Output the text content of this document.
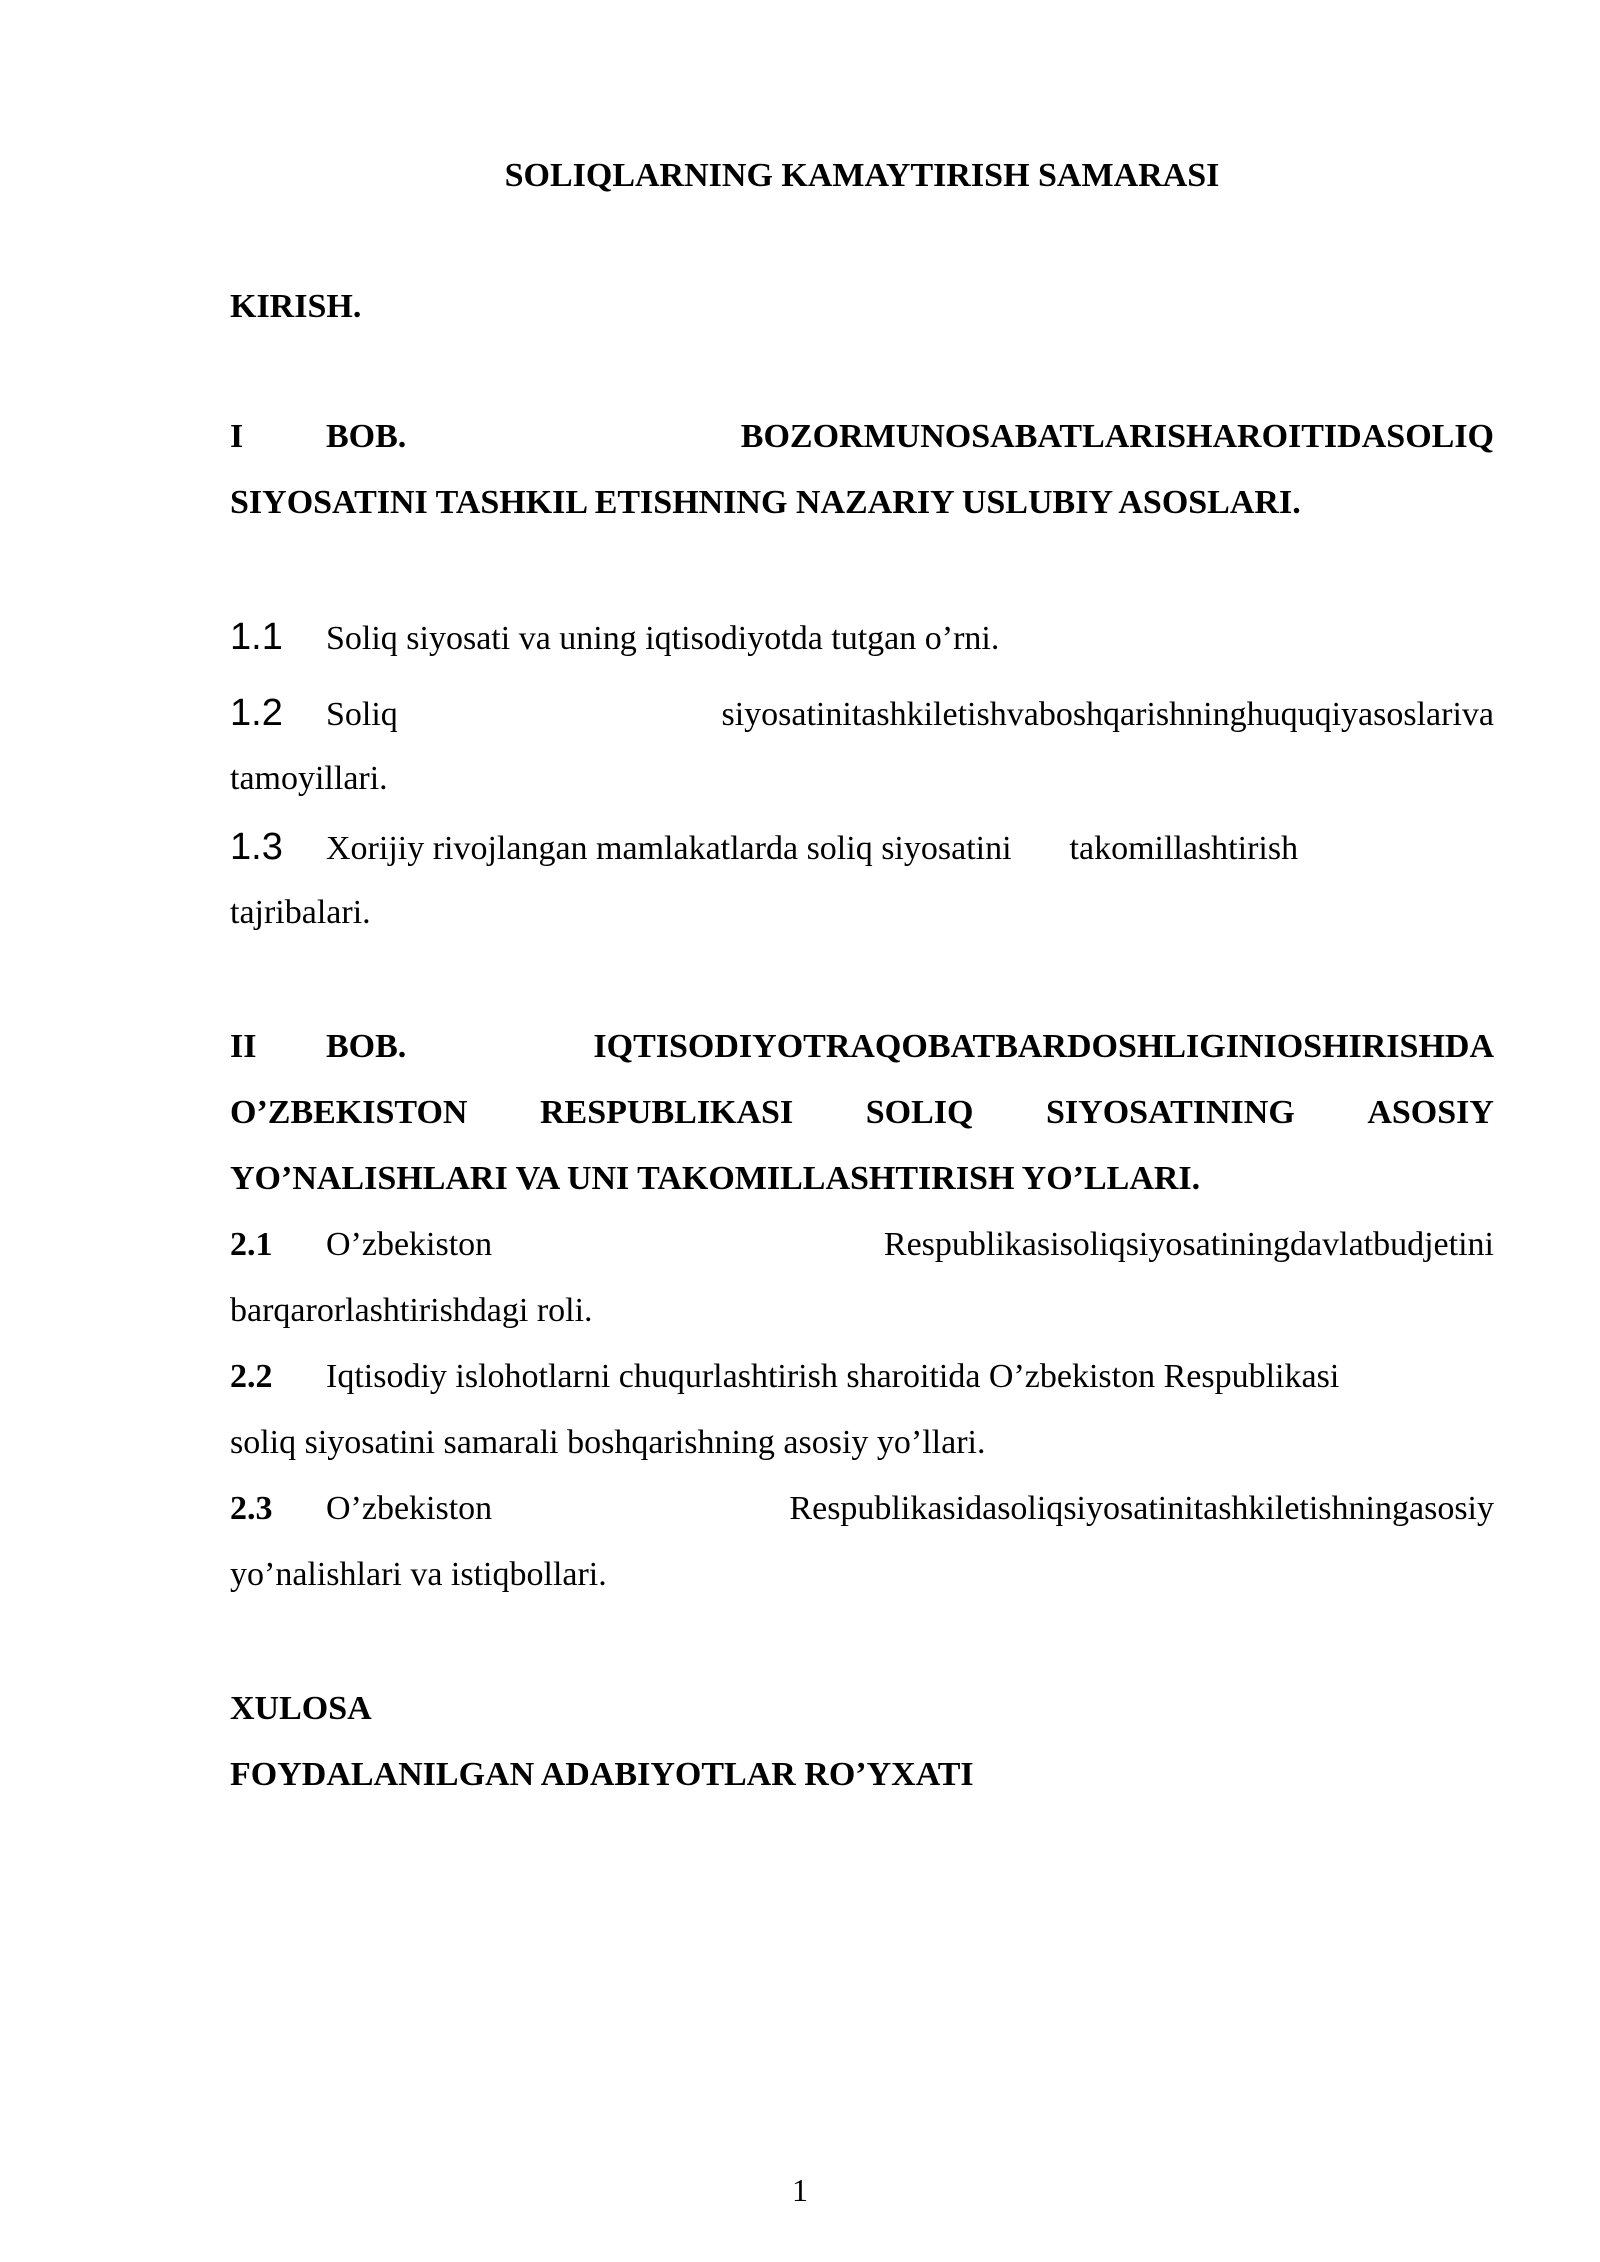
SOLIQLARNING KAMAYTIRISH SAMARASI
KIRISH.
I	BOB.	BOZOR MUNOSABATLARI SHAROITIDA SOLIQ
SIYOSATINI TASHKIL ETISHNING NAZARIY USLUBIY ASOSLARI.
1.1 Soliq siyosati va uning iqtisodiyotda tutgan o’rni.
1.2	Soliq	siyosatini tashkil etish va boshqarishning huquqiy asoslari va
tamoyillari.
1.3 Xorijiy rivojlangan mamlakatlarda soliq siyosatini takomillashtirish
tajribalari.
II	BOB.	IQTISODIYOT RAQOBATBARDOSHLIGINI OSHIRISHDA
O’ZBEKISTON RESPUBLIKASI SOLIQ SIYOSATINING ASOSIY
YO’NALISHLARI VA UNI TAKOMILLASHTIRISH YO’LLARI.
2.1	O’zbekiston	Respublikasi soliq siyosatining davlat budjetini
barqarorlashtirishdagi roli.
2.2 Iqtisodiy islohotlarni chuqurlashtirish sharoitida O’zbekiston Respublikasi
soliq siyosatini samarali boshqarishning asosiy yo’llari.
2.3	O’zbekiston	Respublikasida soliq siyosatini tashkil etishning asosiy
yo’nalishlari va istiqbollari.
XULOSA
FOYDALANILGAN ADABIYOTLAR RO’YXATI
1
